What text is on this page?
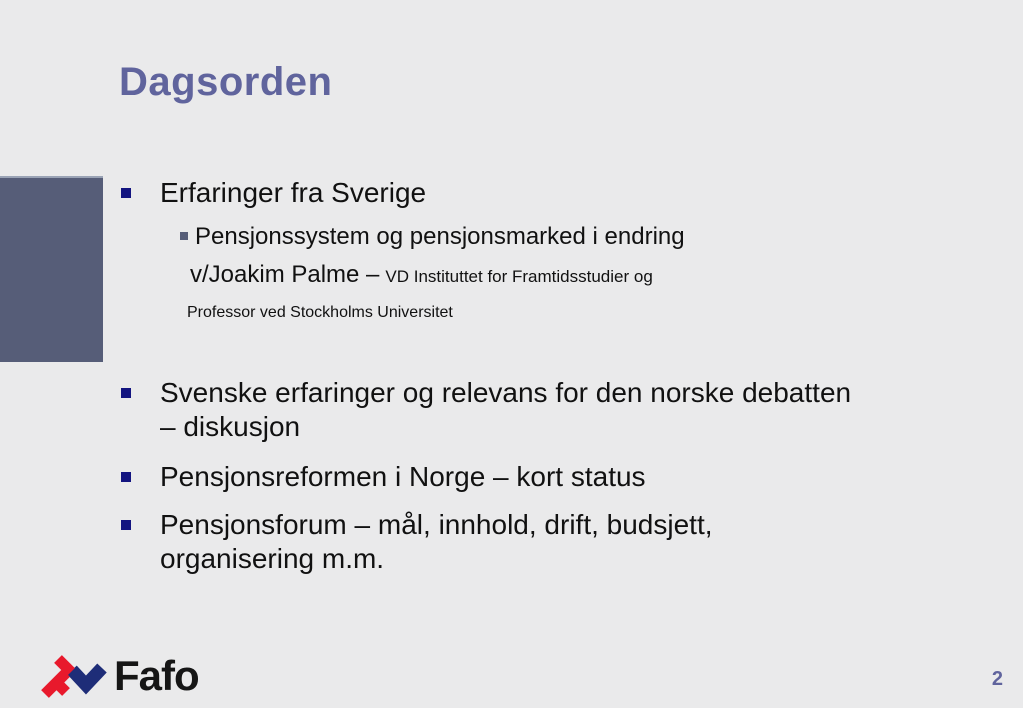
Dagsorden
Erfaringer fra Sverige
Pensjonssystem og pensjonsmarked i endring
v/Joakim Palme – VD Instituttet for Framtidsstudier og
Professor ved Stockholms Universitet
Svenske erfaringer og relevans for den norske debatten – diskusjon
Pensjonsreformen i Norge – kort status
Pensjonsforum – mål, innhold, drift, budsjett, organisering m.m.
Fafo	2
